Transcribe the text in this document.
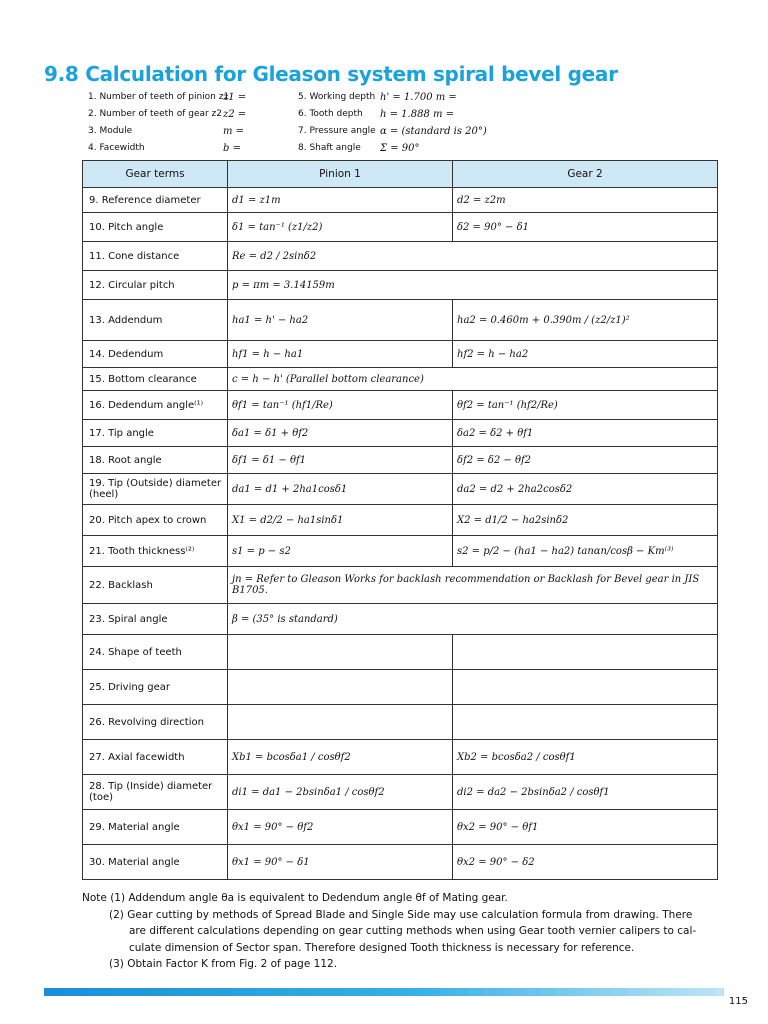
9.8 Calculation for Gleason system spiral bevel gear
1. Number of teeth of pinion z1
z1 =
2. Number of teeth of gear z2 z2 =
3. Module	m =
4. Facewidth	b =
5. Working depth h' = 1.700 m =
6. Tooth depth h = 1.888 m =
7. Pressure angle α = (standard is 20°)
8. Shaft angle Σ = 90°
Gear terms	Pinion 1	Gear 2
9. Reference diameter	d1 = z1m	d2 = z2m
10. Pitch angle	δ1 = tan⁻¹ (z1/z2)	δ2 = 90° − δ1
11. Cone distance	Re = d2 / 2sinδ2	
12. Circular pitch	p = πm = 3.14159m	
13. Addendum	ha1 = h' − ha2	ha2 = 0.460m + 0.390m / (z2/z1)²
14. Dedendum	hf1 = h − ha1	hf2 = h − ha2
15. Bottom clearance	c = h − h' (Parallel bottom clearance)	
16. Dedendum angle⁽¹⁾	θf1 = tan⁻¹ (hf1/Re)	θf2 = tan⁻¹ (hf2/Re)
17. Tip angle	δa1 = δ1 + θf2	δa2 = δ2 + θf1
18. Root angle	δf1 = δ1 − θf1	δf2 = δ2 − θf2
19. Tip (Outside) diameter (heel)	da1 = d1 + 2ha1cosδ1	da2 = d2 + 2ha2cosδ2
20. Pitch apex to crown	X1 = d2/2 − ha1sinδ1	X2 = d1/2 − ha2sinδ2
21. Tooth thickness⁽²⁾	s1 = p − s2	s2 = p/2 − (ha1 − ha2) tanαn/cosβ − Km⁽³⁾
22. Backlash	jn = Refer to Gleason Works for backlash recommendation or Backlash for Bevel gear in JIS B1705.	
23. Spiral angle	β = (35° is standard)	
24. Shape of teeth		
25. Driving gear		
26. Revolving direction		
27. Axial facewidth	Xb1 = bcosδa1 / cosθf2	Xb2 = bcosδa2 / cosθf1
28. Tip (Inside) diameter (toe)	di1 = da1 − 2bsinδa1 / cosθf2	di2 = da2 − 2bsinδa2 / cosθf1
29. Material angle	θx1 = 90° − θf2	θx2 = 90° − θf1
30. Material angle	θx1 = 90° − δ1	θx2 = 90° − δ2
Note (1) Addendum angle θa is equivalent to Dedendum angle θf of Mating gear.
(2) Gear cutting by methods of Spread Blade and Single Side may use calculation formula from drawing. There
are different calculations depending on gear cutting methods when using Gear tooth vernier calipers to cal-
culate dimension of Sector span. Therefore designed Tooth thickness is necessary for reference.
(3) Obtain Factor K from Fig. 2 of page 112.
115
